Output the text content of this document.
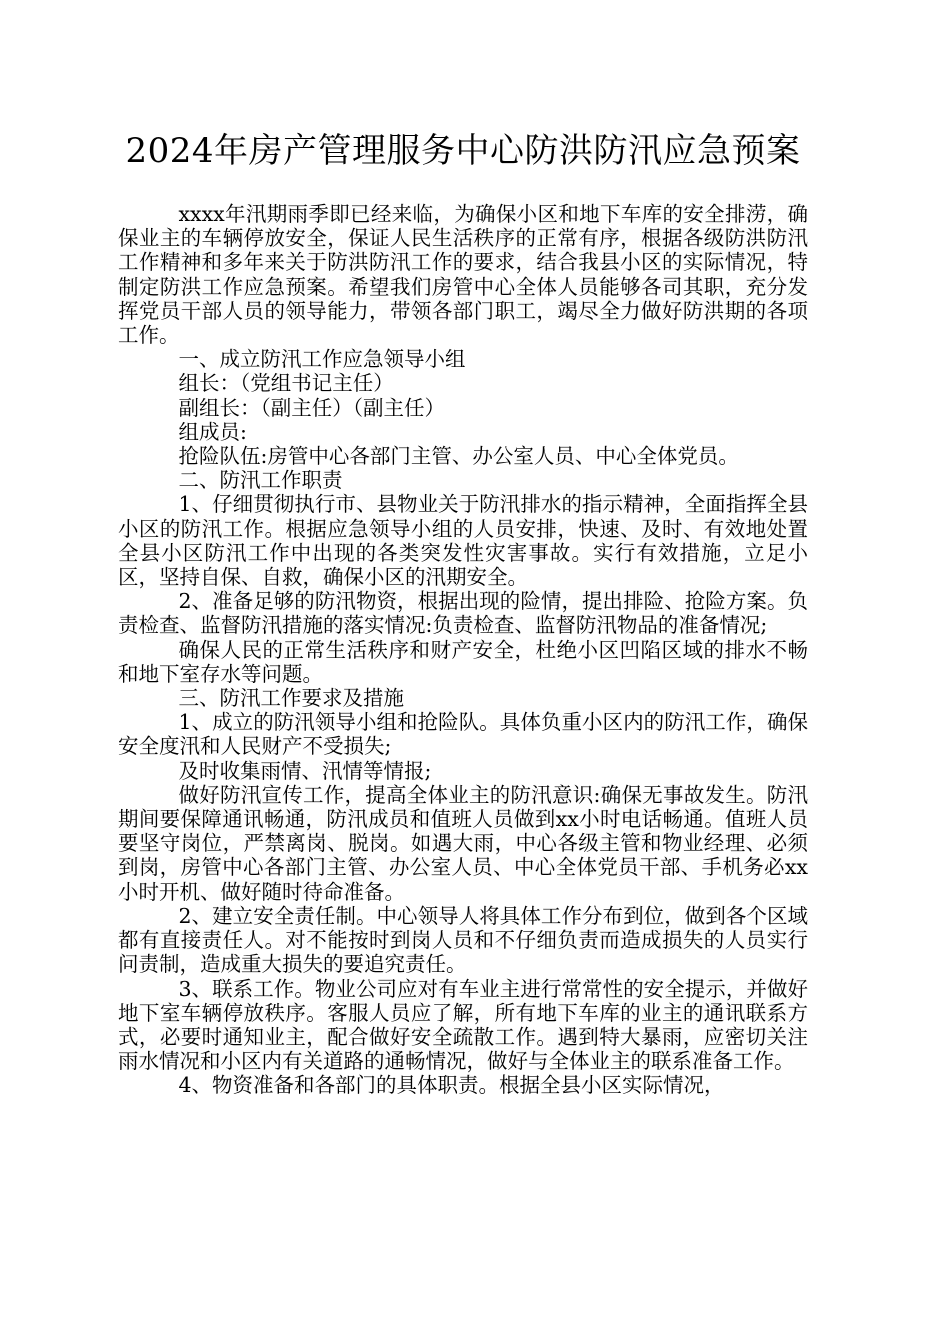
2024年房产管理服务中心防洪防汛应急预案

xxxx年汛期雨季即已经来临，为确保小区和地下车库的安全排涝，确保业主的车辆停放安全，保证人民生活秩序的正常有序，根据各级防洪防汛工作精神和多年来关于防洪防汛工作的要求，结合我县小区的实际情况，特制定防洪工作应急预案。希望我们房管中心全体人员能够各司其职，充分发挥党员干部人员的领导能力，带领各部门职工，竭尽全力做好防洪期的各项工作。

一、成立防汛工作应急领导小组

组长：（党组书记主任）

副组长：（副主任）（副主任）

组成员:

抢险队伍:房管中心各部门主管、办公室人员、中心全体党员。

二、防汛工作职责

1、仔细贯彻执行市、县物业关于防汛排水的指示精神，全面指挥全县小区的防汛工作。根据应急领导小组的人员安排，快速、及时、有效地处置全县小区防汛工作中出现的各类突发性灾害事故。实行有效措施，立足小区，坚持自保、自救，确保小区的汛期安全。

2、准备足够的防汛物资，根据出现的险情，提出排险、抢险方案。负责检查、监督防汛措施的落实情况:负责检查、监督防汛物品的准备情况;

确保人民的正常生活秩序和财产安全，杜绝小区凹陷区域的排水不畅和地下室存水等问题。

三、防汛工作要求及措施

1、成立的防汛领导小组和抢险队。具体负重小区内的防汛工作，确保安全度汛和人民财产不受损失;

及时收集雨情、汛情等情报;

做好防汛宣传工作，提高全体业主的防汛意识:确保无事故发生。防汛期间要保障通讯畅通，防汛成员和值班人员做到xx小时电话畅通。值班人员要坚守岗位，严禁离岗、脱岗。如遇大雨，中心各级主管和物业经理、必须到岗，房管中心各部门主管、办公室人员、中心全体党员干部、手机务必xx小时开机、做好随时待命准备。

2、建立安全责任制。中心领导人将具体工作分布到位，做到各个区域都有直接责任人。对不能按时到岗人员和不仔细负责而造成损失的人员实行问责制，造成重大损失的要追究责任。

3、联系工作。物业公司应对有车业主进行常常性的安全提示，并做好地下室车辆停放秩序。客服人员应了解，所有地下车库的业主的通讯联系方式，必要时通知业主，配合做好安全疏散工作。遇到特大暴雨，应密切关注雨水情况和小区内有关道路的通畅情况，做好与全体业主的联系准备工作。

4、物资准备和各部门的具体职责。根据全县小区实际情况，
